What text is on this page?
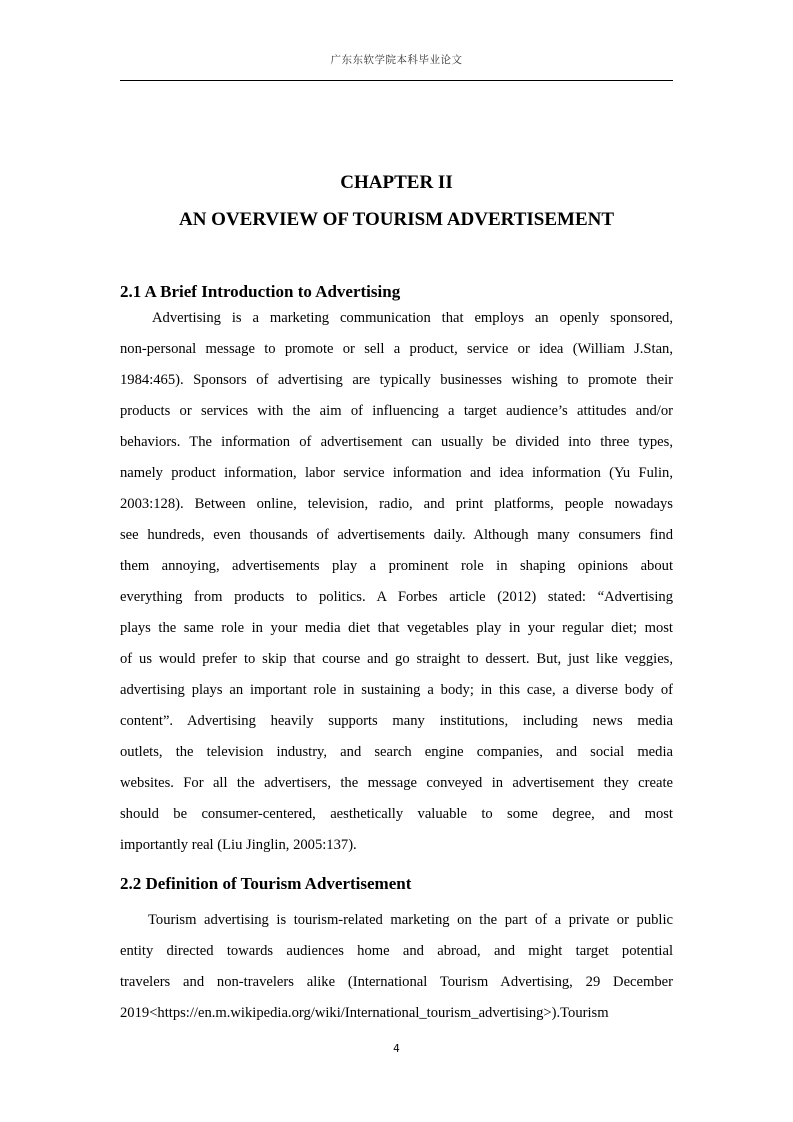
广东东软学院本科毕业论文
CHAPTER II
AN OVERVIEW OF TOURISM ADVERTISEMENT
2.1 A Brief Introduction to Advertising
Advertising is a marketing communication that employs an openly sponsored,
non-personal message to promote or sell a product, service or idea (William J.Stan,
1984:465). Sponsors of advertising are typically businesses wishing to promote their
products or services with the aim of influencing a target audience’s attitudes and/or
behaviors. The information of advertisement can usually be divided into three types,
namely product information, labor service information and idea information (Yu Fulin,
2003:128). Between online, television, radio, and print platforms, people nowadays
see hundreds, even thousands of advertisements daily. Although many consumers find
them annoying, advertisements play a prominent role in shaping opinions about
everything from products to politics. A Forbes article (2012) stated: “Advertising
plays the same role in your media diet that vegetables play in your regular diet; most
of us would prefer to skip that course and go straight to dessert. But, just like veggies,
advertising plays an important role in sustaining a body; in this case, a diverse body of
content”. Advertising heavily supports many institutions, including news media
outlets, the television industry, and search engine companies, and social media
websites. For all the advertisers, the message conveyed in advertisement they create
should be consumer-centered, aesthetically valuable to some degree, and most
importantly real (Liu Jinglin, 2005:137).
2.2 Definition of Tourism Advertisement
Tourism advertising is tourism-related marketing on the part of a private or public
entity directed towards audiences home and abroad, and might target potential
travelers and non-travelers alike (International Tourism Advertising, 29 December
2019<https://en.m.wikipedia.org/wiki/International_tourism_advertising>).Tourism
4
